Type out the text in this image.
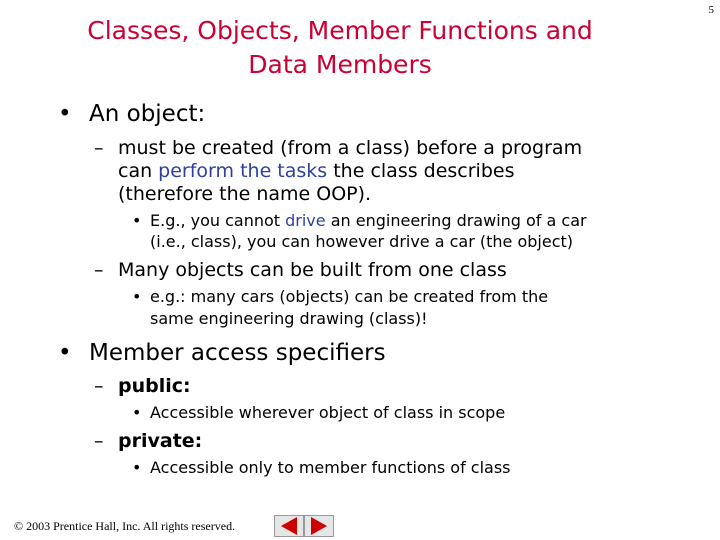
Classes, Objects, Member Functions and
Data Members
5
• An object:
– must be created (from a class) before a program
can perform the tasks the class describes
(therefore the name OOP).
• E.g., you cannot drive an engineering drawing of a car
(i.e., class), you can however drive a car (the object)
– Many objects can be built from one class
• e.g.: many cars (objects) can be created from the
same engineering drawing (class)!
• Member access specifiers
– public:
• Accessible wherever object of class in scope
– private:
• Accessible only to member functions of class
© 2003 Prentice Hall, Inc. All rights reserved.
